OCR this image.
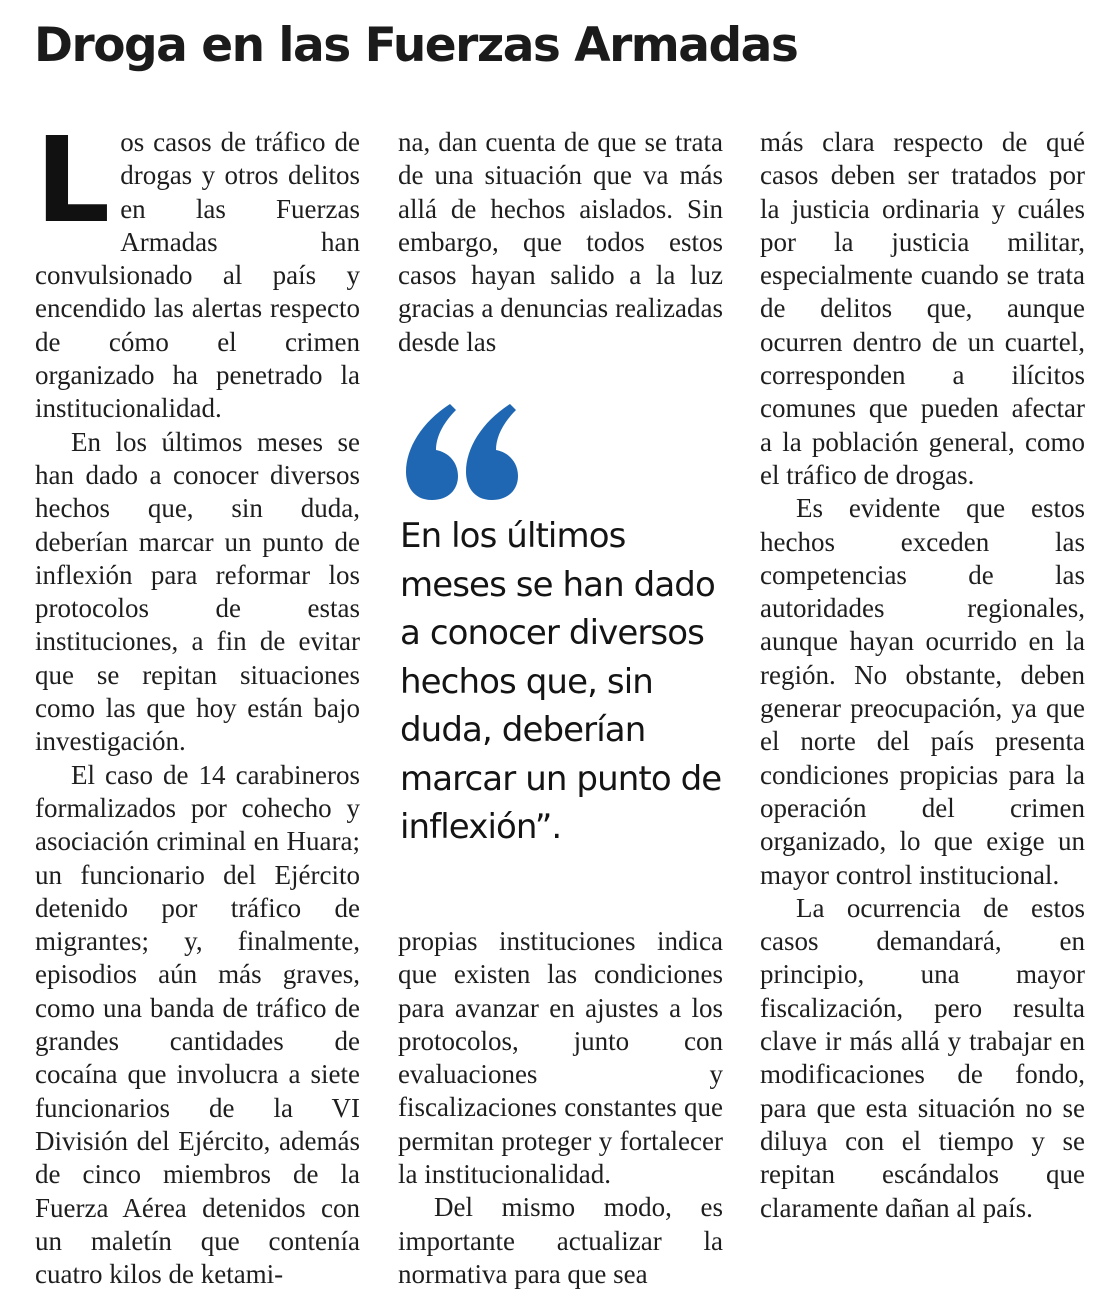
Droga en las Fuerzas Armadas

Los casos de tráfico de drogas y otros delitos en las Fuerzas Armadas han convulsionado al país y encendido las alertas respecto de cómo el crimen organizado ha penetrado la institucionalidad.

En los últimos meses se han dado a conocer diversos hechos que, sin duda, deberían marcar un punto de inflexión para reformar los protocolos de estas instituciones, a fin de evitar que se repitan situaciones como las que hoy están bajo investigación.

El caso de 14 carabineros formalizados por cohecho y asociación criminal en Huara; un funcionario del Ejército detenido por tráfico de migrantes; y, finalmente, episodios aún más graves, como una banda de tráfico de grandes cantidades de cocaína que involucra a siete funcionarios de la VI División del Ejército, además de cinco miembros de la Fuerza Aérea detenidos con un maletín que contenía cuatro kilos de ketami-

na, dan cuenta de que se trata de una situación que va más allá de hechos aislados. Sin embargo, que todos estos casos hayan salido a la luz gracias a denuncias realizadas desde las

En los últimos meses se han dado a conocer diversos hechos que, sin duda, deberían marcar un punto de inflexión”.

propias instituciones indica que existen las condiciones para avanzar en ajustes a los protocolos, junto con evaluaciones y fiscalizaciones constantes que permitan proteger y fortalecer la institucionalidad.

Del mismo modo, es importante actualizar la normativa para que sea

más clara respecto de qué casos deben ser tratados por la justicia ordinaria y cuáles por la justicia militar, especialmente cuando se trata de delitos que, aunque ocurren dentro de un cuartel, corresponden a ilícitos comunes que pueden afectar a la población general, como el tráfico de drogas.

Es evidente que estos hechos exceden las competencias de las autoridades regionales, aunque hayan ocurrido en la región. No obstante, deben generar preocupación, ya que el norte del país presenta condiciones propicias para la operación del crimen organizado, lo que exige un mayor control institucional.

La ocurrencia de estos casos demandará, en principio, una mayor fiscalización, pero resulta clave ir más allá y trabajar en modificaciones de fondo, para que esta situación no se diluya con el tiempo y se repitan escándalos que claramente dañan al país.
